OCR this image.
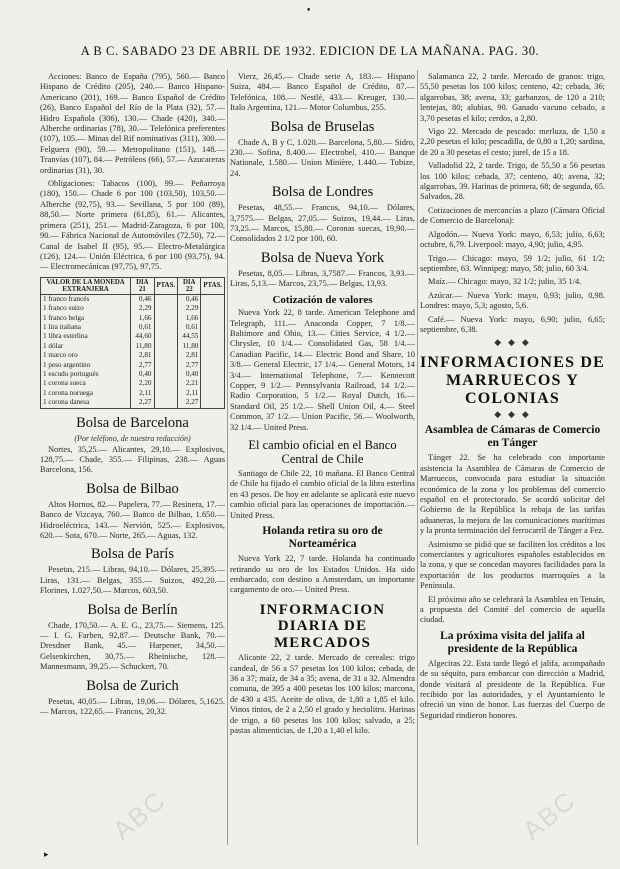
•
A B C. SABADO 23 DE ABRIL DE 1932. EDICION DE LA MAÑANA. PAG. 30.

Acciones: Banco de España (795), 560.— Banco Hispano de Crédito (205), 240.— Banco Hispano-Americano (201), 169.— Banco Español de Crédito (26), Banco Español del Río de la Plata (32), 57.— Hidro Española (306), 130.— Chade (420), 340.— Alberche ordinarias (78), 30.— Telefónica preferentes (107), 105.— Minas del Rif nominativas (311), 300.— Felguera (90), 59.— Metropolitano (151), 148.— Tranvías (107), 84.— Petróleos (66), 57.— Azucareras ordinarias (31), 30.

Obligaciones: Tabacos (100), 99.— Peñarroya (180), 150.— Chade 6 por 100 (103,50), 103,50.— Alberche (92,75), 93.— Sevillana, 5 por 100 (89), 88,50.— Norte primera (61,85), 61.— Alicantes, primera (251), 251.— Madrid-Zaragoza, 6 por 100, 90.— Fábrica Nacional de Automóviles (72,50), 72.— Canal de Isabel II (95), 95.— Electro-Metalúrgica (126), 124.— Unión Eléctrica, 6 por 100 (93,75), 94.— Electromecánicas (97,75), 97,75.

VALOR DE LA MONEDA EXTRANJERA	DIA 21	PTAS.	DIA 22	PTAS.
1 franco francés	0,46		0,46	
1 franco suizo	2,29		2,29	
1 franco belga	1,66		1,66	
1 lira italiana	0,61		0,61	
1 libra esterlina	44,60		44,55	
1 dólar	11,80		11,80	
1 marco oro	2,81		2,81	
1 peso argentino	2,77		2,77	
1 escudo portugués	0,40		0,40	
1 corona sueca	2,20		2,21	
1 corona noruega	2,11		2,11	
1 corona danesa	2,27		2,27	
Bolsa de Barcelona
(Por teléfono, de nuestra redacción)

Nortes, 35,25.— Alicantes, 29,10.— Explosivos, 128,75.— Chade, 355.— Filipinas, 238.— Aguas Barcelona, 156.

Bolsa de Bilbao

Altos Hornos, 82.— Papelera, 77.— Resinera, 17.— Banco de Vizcaya, 760.— Banco de Bilbao, 1.650.— Hidroeléctrica, 143.— Nervión, 525.— Explosivos, 620.— Sota, 670.— Norte, 265.— Aguas, 132.

Bolsa de París

Pesetas, 215.— Libras, 94,10.— Dólares, 25,395.— Liras, 131.— Belgas, 355.— Suizos, 492,20.— Florines, 1.027,50.— Marcos, 603,50.

Bolsa de Berlín

Chade, 170,50.— A. E. G., 23,75.— Siemens, 125.— I. G. Farben, 92,87.— Deutsche Bank, 70.— Dresdner Bank, 45.— Harpener, 34,50.— Gelsenkirchen, 30,75.— Rheinische, 128.— Mannesmann, 39,25.— Schuckert, 70.

Bolsa de Zurich

Pesetas, 40,05.— Libras, 19,06.— Dólares, 5,1625.— Marcos, 122,65.— Francos, 20,32.

Vierz, 26,45.— Chade serie A, 183.— Hispano Suiza, 484.— Banco Español de Crédito, 87.— Telefónica, 108.— Nestlé, 433.— Kreuger, 130.— Italo Argentina, 121.— Motor Columbus, 255.

Bolsa de Bruselas

Chade A, B y C, 1.020.— Barcelona, 5,80.— Sidro, 230.— Sofina, 8.400.— Electrobel, 410.— Banque Nationale, 1.580.— Union Minière, 1.440.— Tubize, 24.

Bolsa de Londres

Pesetas, 48,55.— Francos, 94,10.— Dólares, 3,7575.— Belgas, 27,05.— Suizos, 19,44.— Liras, 73,25.— Marcos, 15,80.— Coronas suecas, 19,90.— Consolidados 2 1/2 por 100, 60.

Bolsa de Nueva York

Pesetas, 8,05.— Libras, 3,7587.— Francos, 3,93.— Liras, 5,13.— Marcos, 23,75.— Belgas, 13,93.

Cotización de valores

Nueva York 22, 8 tarde. American Telephone and Telegraph, 111.— Anaconda Copper, 7 1/8.— Baltimore and Ohio, 13.— Cities Service, 4 1/2.— Chrysler, 10 1/4.— Consolidated Gas, 58 1/4.— Canadian Pacific, 14.— Electric Bond and Share, 10 3/8.— General Electric, 17 1/4.— General Motors, 14 3/4.— International Telephone, 7.— Kennecott Copper, 9 1/2.— Pennsylvania Railroad, 14 1/2.— Radio Corporation, 5 1/2.— Royal Dutch, 16.— Standard Oil, 25 1/2.— Shell Union Oil, 4.— Steel Common, 37 1/2.— Union Pacific, 56.— Woolworth, 32 1/4.— United Press.

El cambio oficial en el Banco Central de Chile

Santiago de Chile 22, 10 mañana. El Banco Central de Chile ha fijado el cambio oficial de la libra esterlina en 43 pesos. De hoy en adelante se aplicará este nuevo cambio oficial para las operaciones de importación.— United Press.

Holanda retira su oro de Norteamérica

Nueva York 22, 7 tarde. Holanda ha continuado retirando su oro de los Estados Unidos. Ha sido embarcado, con destino a Amsterdam, un importante cargamento de oro.— United Press.

INFORMACION DIARIA DE MERCADOS

Alicante 22, 2 tarde. Mercado de cereales: trigo candeal, de 56 a 57 pesetas los 100 kilos; cebada, de 36 a 37; maíz, de 34 a 35; avena, de 31 a 32. Almendra comuna, de 395 a 400 pesetas los 100 kilos; marcona, de 430 a 435. Aceite de oliva, de 1,80 a 1,85 el kilo. Vinos tintos, de 2 a 2,50 el grado y hectolitro. Harinas de trigo, a 60 pesetas los 100 kilos; salvado, a 25; pastas alimenticias, de 1,20 a 1,40 el kilo.

Salamanca 22, 2 tarde. Mercado de granos: trigo, 55,50 pesetas los 100 kilos; centeno, 42; cebada, 36; algarrobas, 38; avena, 33; garbanzos, de 120 a 210; lentejas, 80; alubias, 90. Ganado vacuno cebado, a 3,70 pesetas el kilo; cerdos, a 2,80.

Vigo 22. Mercado de pescado: merluza, de 1,50 a 2,20 pesetas el kilo; pescadilla, de 0,80 a 1,20; sardina, de 20 a 30 pesetas el cesto; jurel, de 15 a 18.

Valladolid 22, 2 tarde. Trigo, de 55,50 a 56 pesetas los 100 kilos; cebada, 37; centeno, 40; avena, 32; algarrobas, 39. Harinas de primera, 68; de segunda, 65. Salvados, 28.

Cotizaciones de mercancías a plazo (Cámara Oficial de Comercio de Barcelona):

Algodón.— Nueva York: mayo, 6,53; julio, 6,63; octubre, 6,79. Liverpool: mayo, 4,90; julio, 4,95.

Trigo.— Chicago: mayo, 59 1/2; julio, 61 1/2; septiembre, 63. Winnipeg: mayo, 58; julio, 60 3/4.

Maíz.— Chicago: mayo, 32 1/2; julio, 35 1/4.

Azúcar.— Nueva York: mayo, 0,93; julio, 0,98. Londres: mayo, 5,3; agosto, 5,6.

Café.— Nueva York: mayo, 6,90; julio, 6,65; septiembre, 6,38.

◆ ◆ ◆
INFORMACIONES DE MARRUECOS Y COLONIAS
◆ ◆ ◆
Asamblea de Cámaras de Comercio en Tánger

Tánger 22. Se ha celebrado con importante asistencia la Asamblea de Cámaras de Comercio de Marruecos, convocada para estudiar la situación económica de la zona y los problemas del comercio español en el protectorado. Se acordó solicitar del Gobierno de la República la rebaja de las tarifas aduaneras, la mejora de las comunicaciones marítimas y la pronta terminación del ferrocarril de Tánger a Fez.

Asimismo se pidió que se faciliten los créditos a los comerciantes y agricultores españoles establecidos en la zona, y que se concedan mayores facilidades para la exportación de los productos marroquíes a la Península.

El próximo año se celebrará la Asamblea en Tetuán, a propuesta del Comité del comercio de aquella ciudad.

La próxima visita del jalifa al presidente de la República

Algeciras 22. Esta tarde llegó el jalifa, acompañado de su séquito, para embarcar con dirección a Madrid, donde visitará al presidente de la República. Fue recibido por las autoridades, y el Ayuntamiento le ofreció un vino de honor. Las fuerzas del Cuerpo de Seguridad rindieron honores.

ABC	ABC
▸
